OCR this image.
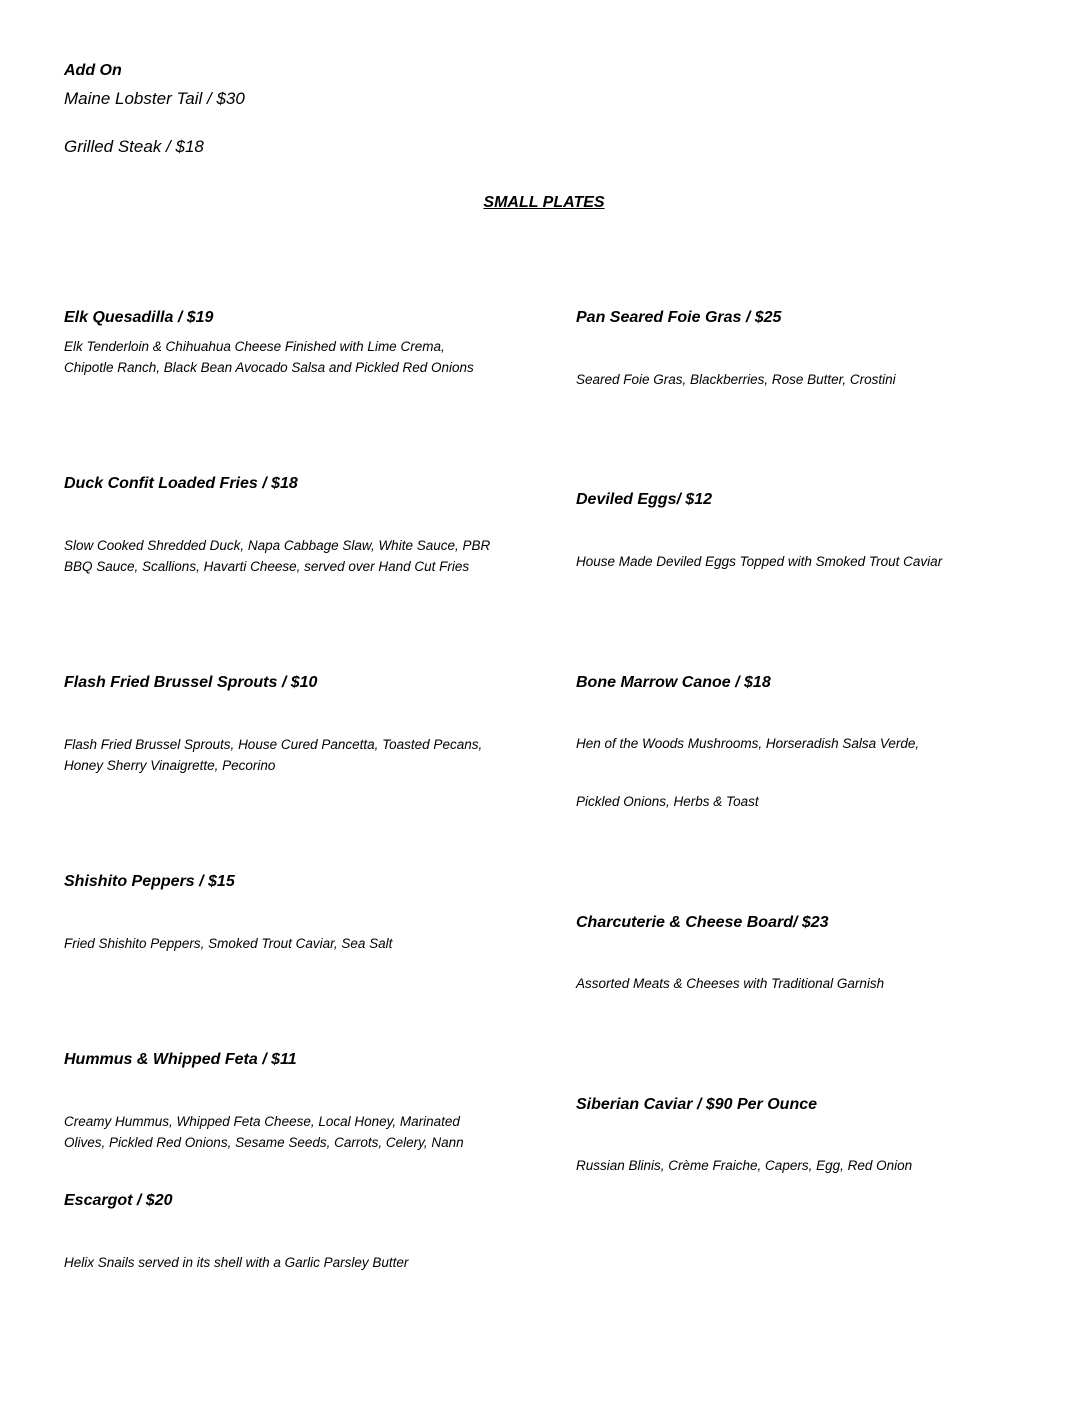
Add On
Maine Lobster Tail / $30
Grilled Steak / $18
SMALL PLATES
Elk Quesadilla / $19
Elk Tenderloin & Chihuahua Cheese Finished with Lime Crema,
Chipotle Ranch, Black Bean Avocado Salsa and Pickled Red Onions
Duck Confit Loaded Fries / $18
Slow Cooked Shredded Duck, Napa Cabbage Slaw, White Sauce, PBR
BBQ Sauce, Scallions, Havarti Cheese, served over Hand Cut Fries
Flash Fried Brussel Sprouts / $10
Flash Fried Brussel Sprouts, House Cured Pancetta, Toasted Pecans,
Honey Sherry Vinaigrette, Pecorino
Shishito Peppers / $15
Fried Shishito Peppers, Smoked Trout Caviar, Sea Salt
Hummus & Whipped Feta / $11
Creamy Hummus, Whipped Feta Cheese, Local Honey, Marinated
Olives, Pickled Red Onions, Sesame Seeds, Carrots, Celery, Nann
Escargot / $20
Helix Snails served in its shell with a Garlic Parsley Butter
Pan Seared Foie Gras / $25
Seared Foie Gras, Blackberries, Rose Butter, Crostini
Deviled Eggs/ $12
House Made Deviled Eggs Topped with Smoked Trout Caviar
Bone Marrow Canoe / $18
Hen of the Woods Mushrooms, Horseradish Salsa Verde,
Pickled Onions, Herbs & Toast
Charcuterie & Cheese Board/ $23
Assorted Meats & Cheeses with Traditional Garnish
Siberian Caviar / $90 Per Ounce
Russian Blinis, Crème Fraiche, Capers, Egg, Red Onion
